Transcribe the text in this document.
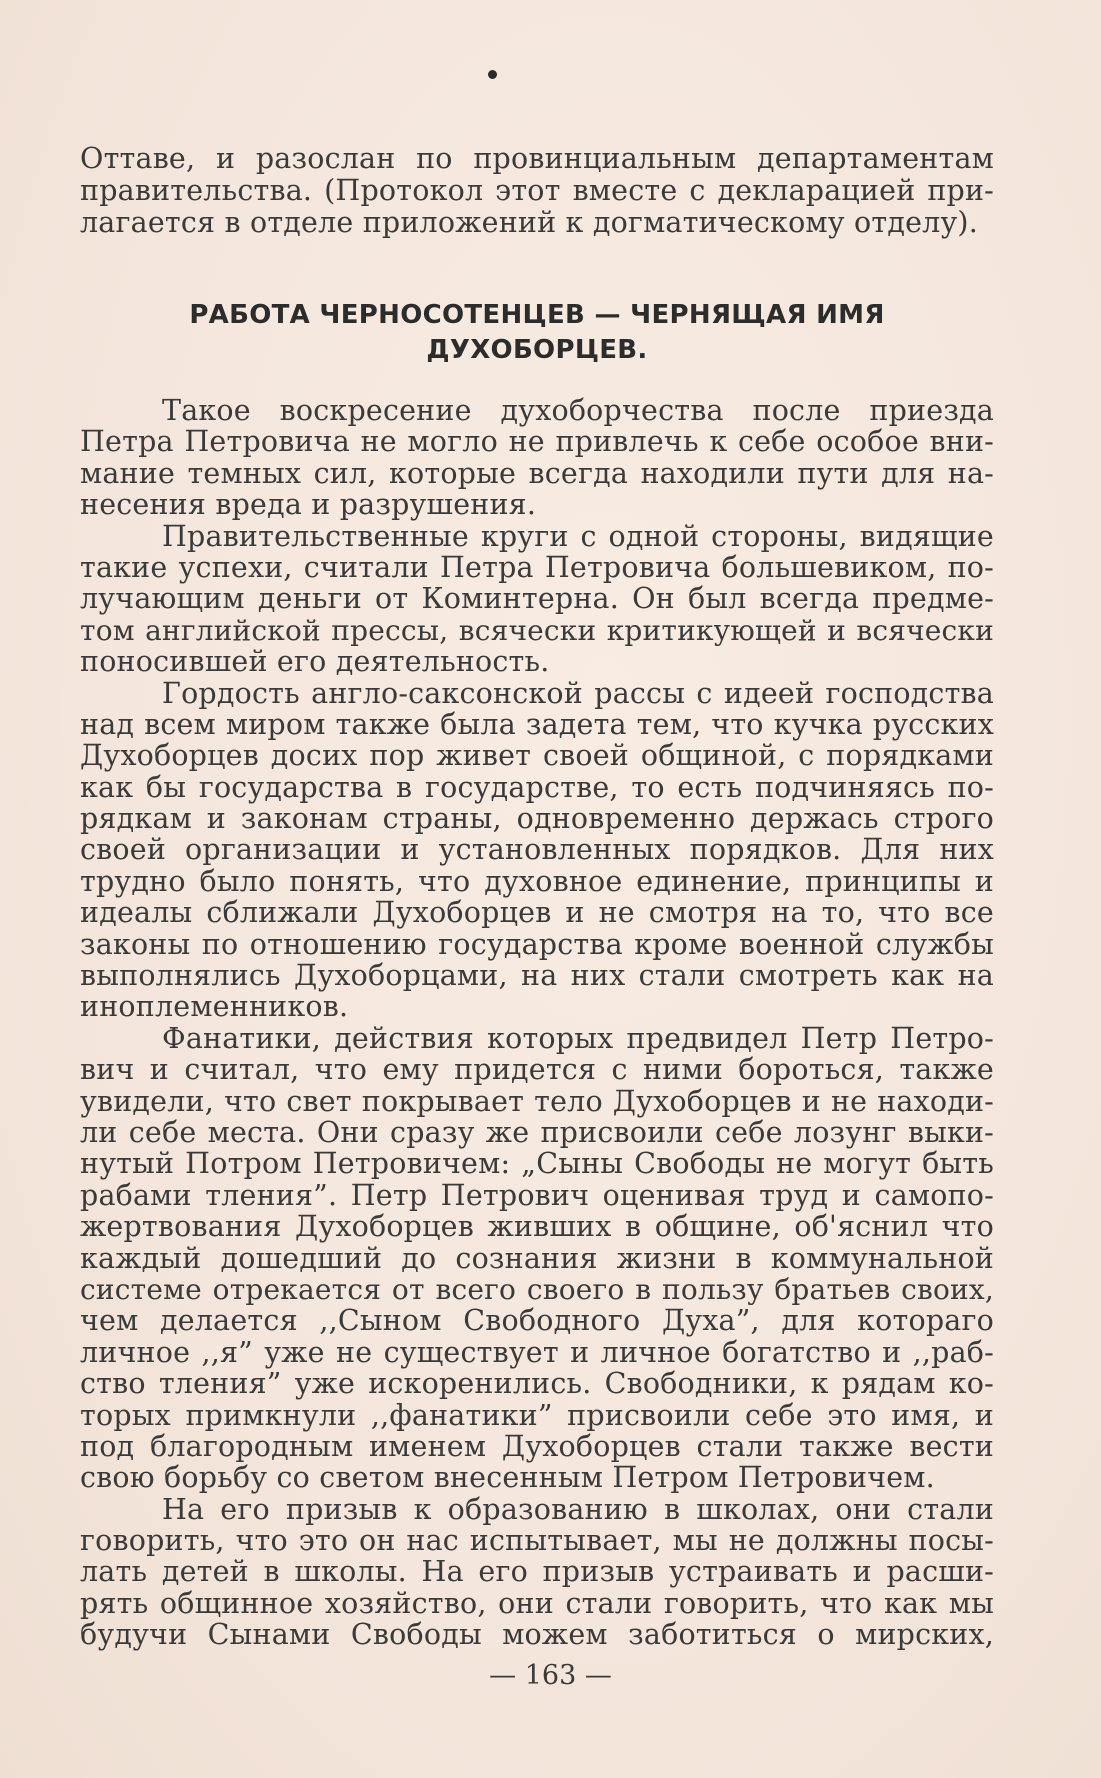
Оттаве, и разослан по провинциальным департаментам
правительства. (Протокол этот вместе с декларацией при-
лагается в отделе приложений к догматическому отделу).
РАБОТА ЧЕРНОСОТЕНЦЕВ — ЧЕРНЯЩАЯ ИМЯ
ДУХОБОРЦЕВ.
Такое воскресение духоборчества после приезда
Петра Петровича не могло не привлечь к себе особое вни-
мание темных сил, которые всегда находили пути для на-
несения вреда и разрушения.
Правительственные круги с одной стороны, видящие
такие успехи, считали Петра Петровича большевиком, по-
лучающим деньги от Коминтерна. Он был всегда предме-
том английской прессы, всячески критикующей и всячески
поносившей его деятельность.
Гордость англо-саксонской рассы с идеей господства
над всем миром также была задета тем, что кучка русских
Духоборцев досих пор живет своей общиной, с порядками
как бы государства в государстве, то есть подчиняясь по-
рядкам и законам страны, одновременно держась строго
своей организации и установленных порядков. Для них
трудно было понять, что духовное единение, принципы и
идеалы сближали Духоборцев и не смотря на то, что все
законы по отношению государства кроме военной службы
выполнялись Духоборцами, на них стали смотреть как на
иноплеменников.
Фанатики, действия которых предвидел Петр Петро-
вич и считал, что ему придется с ними бороться, также
увидели, что свет покрывает тело Духоборцев и не находи-
ли себе места. Они сразу же присвоили себе лозунг выки-
нутый Потром Петровичем: „Сыны Свободы не могут быть
рабами тления”. Петр Петрович оценивая труд и самопо-
жертвования Духоборцев живших в общине, об'яснил что
каждый дошедший до сознания жизни в коммунальной
системе отрекается от всего своего в пользу братьев своих,
чем делается ,,Сыном Свободного Духа”, для котораго
личное ,,я” уже не существует и личное богатство и ,,раб-
ство тления” уже искоренились. Свободники, к рядам ко-
торых примкнули ,,фанатики” присвоили себе это имя, и
под благородным именем Духоборцев стали также вести
свою борьбу со светом внесенным Петром Петровичем.
На его призыв к образованию в школах, они стали
говорить, что это он нас испытывает, мы не должны посы-
лать детей в школы. На его призыв устраивать и расши-
рять общинное хозяйство, они стали говорить, что как мы
будучи Сынами Свободы можем заботиться о мирских,
— 163 —
